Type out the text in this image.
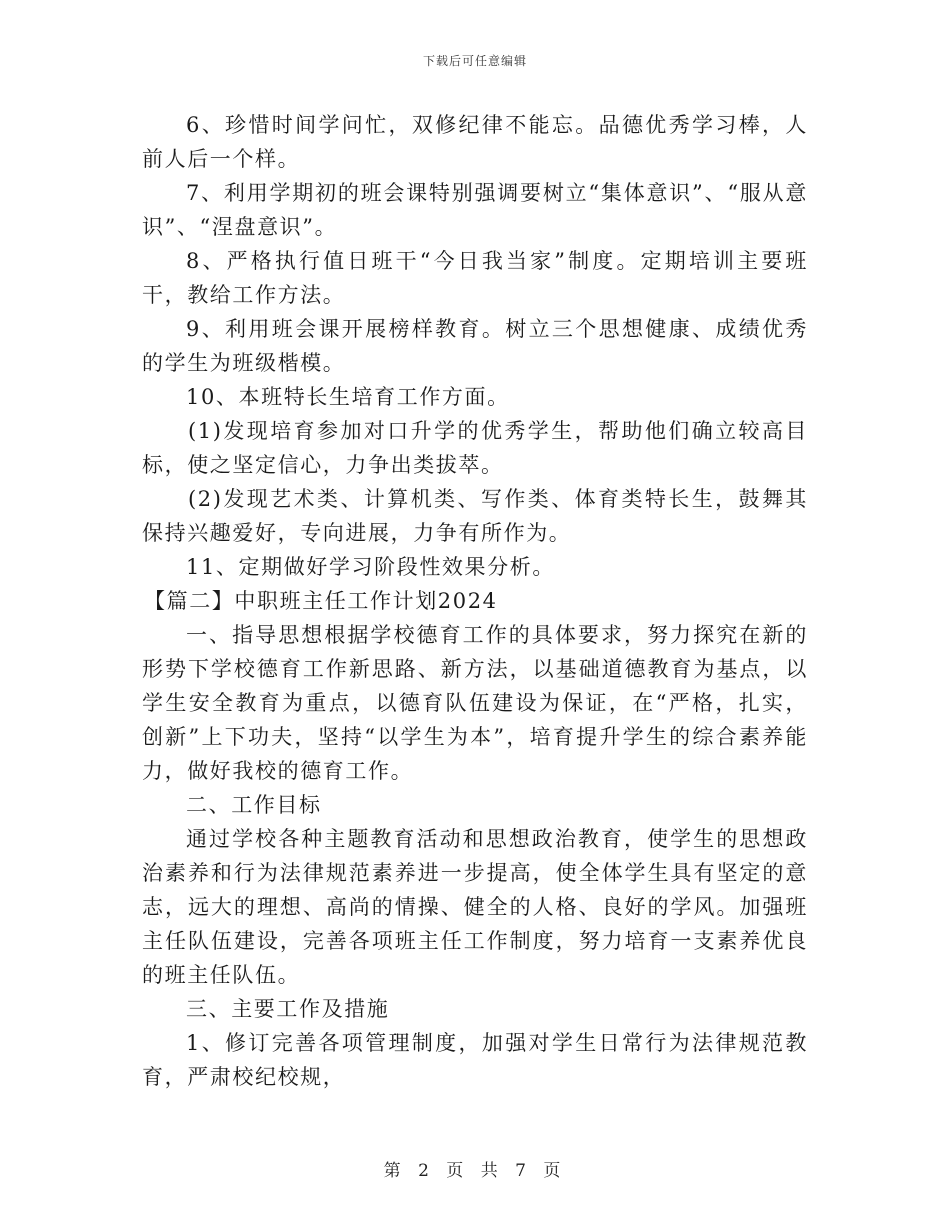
下载后可任意编辑

6、珍惜时间学问忙，双修纪律不能忘。品德优秀学习棒，人前人后一个样。

7、利用学期初的班会课特别强调要树立“集体意识”、“服从意识”、“涅盘意识”。

8、严格执行值日班干“今日我当家”制度。定期培训主要班干，教给工作方法。

9、利用班会课开展榜样教育。树立三个思想健康、成绩优秀的学生为班级楷模。

10、本班特长生培育工作方面。

(1)发现培育参加对口升学的优秀学生，帮助他们确立较高目标，使之坚定信心，力争出类拔萃。

(2)发现艺术类、计算机类、写作类、体育类特长生，鼓舞其保持兴趣爱好，专向进展，力争有所作为。

11、定期做好学习阶段性效果分析。

【篇二】中职班主任工作计划2024

一、指导思想根据学校德育工作的具体要求，努力探究在新的形势下学校德育工作新思路、新方法，以基础道德教育为基点，以学生安全教育为重点，以德育队伍建设为保证，在“严格，扎实，创新”上下功夫，坚持“以学生为本”，培育提升学生的综合素养能力，做好我校的德育工作。

二、工作目标

通过学校各种主题教育活动和思想政治教育，使学生的思想政治素养和行为法律规范素养进一步提高，使全体学生具有坚定的意志，远大的理想、高尚的情操、健全的人格、良好的学风。加强班主任队伍建设，完善各项班主任工作制度，努力培育一支素养优良的班主任队伍。

三、主要工作及措施

1、修订完善各项管理制度，加强对学生日常行为法律规范教育，严肃校纪校规，

第 2 页 共 7 页
